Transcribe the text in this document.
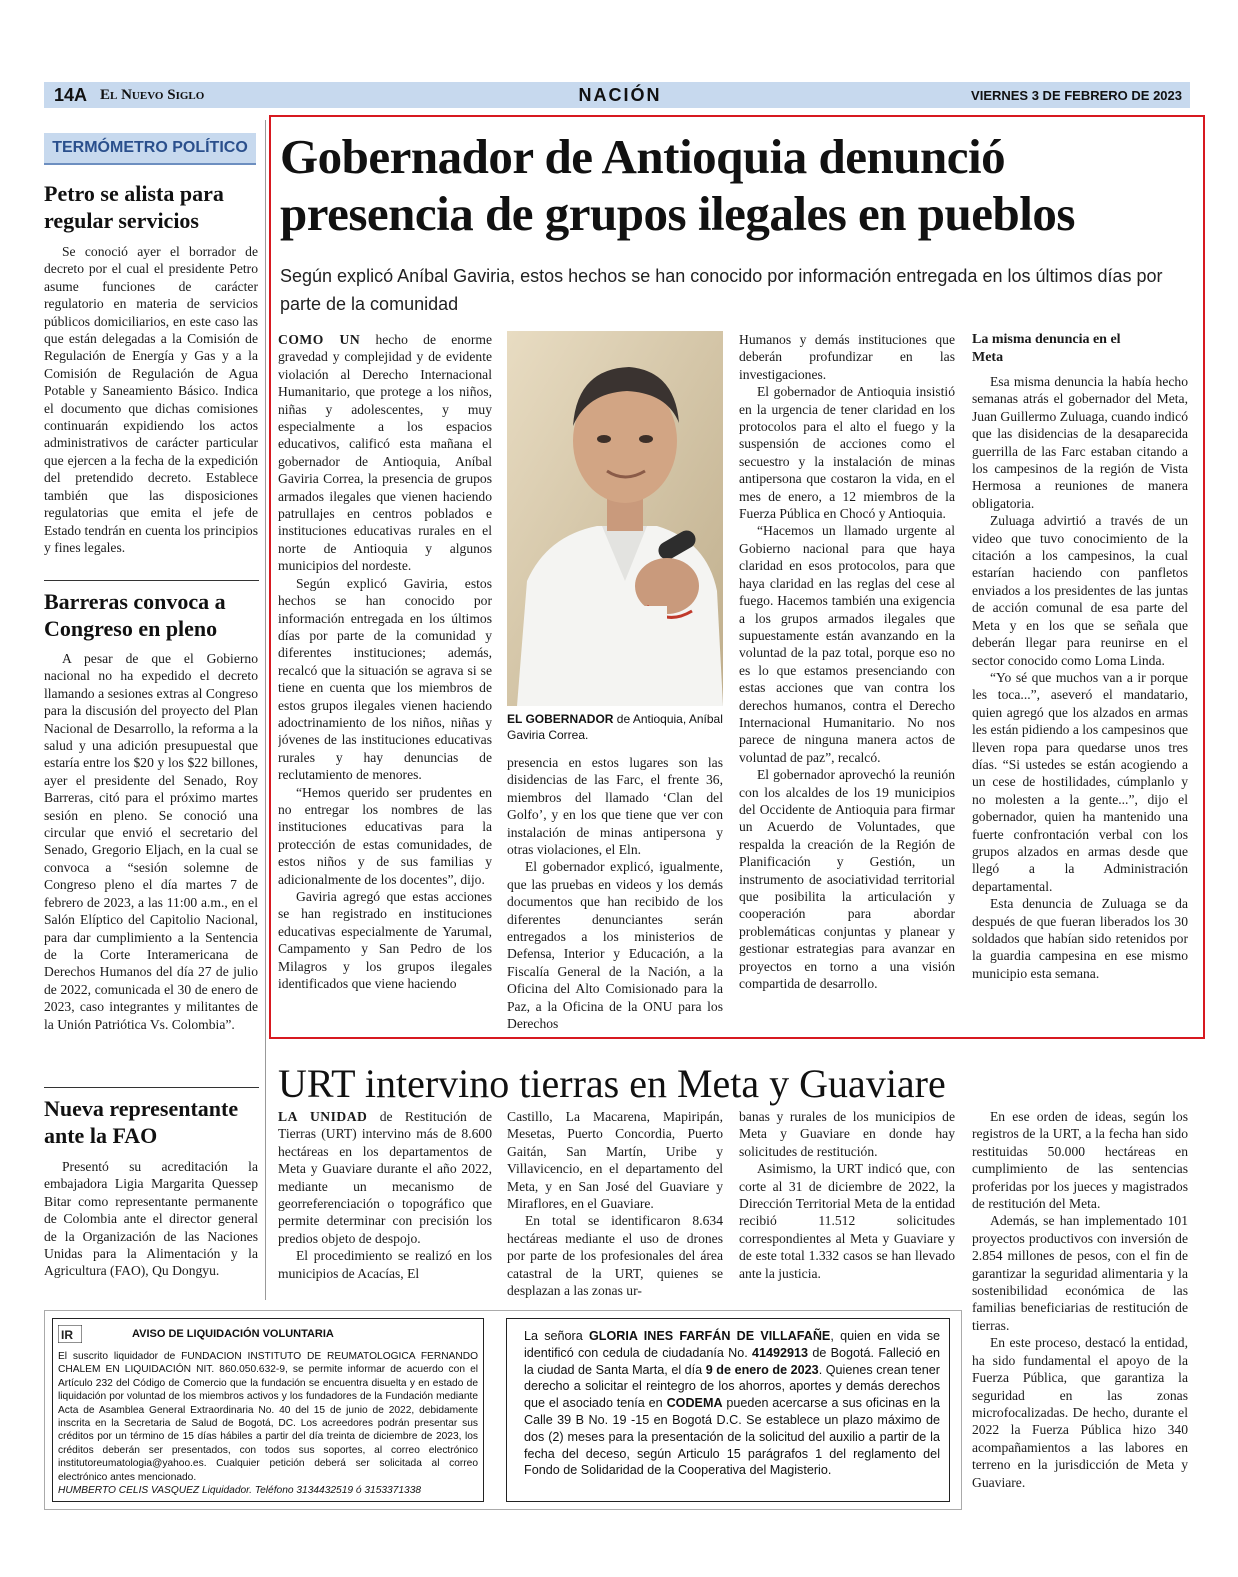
14A El Nuevo Siglo	NACIÓN	VIERNES 3 DE FEBRERO DE 2023
TERMÓMETRO POLÍTICO
Petro se alista para regular servicios

Se conoció ayer el borrador de decreto por el cual el presidente Petro asume funciones de carácter regulatorio en materia de servicios públicos domiciliarios, en este caso las que están delegadas a la Comisión de Regulación de Energía y Gas y a la Comisión de Regulación de Agua Potable y Saneamiento Básico. Indica el documento que dichas comisiones continuarán expidiendo los actos administrativos de carácter particular que ejercen a la fecha de la expedición del pretendido decreto. Establece también que las disposiciones regulatorias que emita el jefe de Estado tendrán en cuenta los principios y fines legales.

Barreras convoca a Congreso en pleno

A pesar de que el Gobierno nacional no ha expedido el decreto llamando a sesiones extras al Congreso para la discusión del proyecto del Plan Nacional de Desarrollo, la reforma a la salud y una adición presupuestal que estaría entre los $20 y los $22 billones, ayer el presidente del Senado, Roy Barreras, citó para el próximo martes sesión en pleno. Se conoció una circular que envió el secretario del Senado, Gregorio Eljach, en la cual se convoca a “sesión solemne de Congreso pleno el día martes 7 de febrero de 2023, a las 11:00 a.m., en el Salón Elíptico del Capitolio Nacional, para dar cumplimiento a la Sentencia de la Corte Interamericana de Derechos Humanos del día 27 de julio de 2022, comunicada el 30 de enero de 2023, caso integrantes y militantes de la Unión Patriótica Vs. Colombia”.

Nueva representante ante la FAO

Presentó su acreditación la embajadora Ligia Margarita Quessep Bitar como representante permanente de Colombia ante el director general de la Organización de las Naciones Unidas para la Alimentación y la Agricultura (FAO), Qu Dongyu.

Gobernador de Antioquia denunció presencia de grupos ilegales en pueblos
Según explicó Aníbal Gaviria, estos hechos se han conocido por información entregada en los últimos días por parte de la comunidad

COMO UN hecho de enorme gravedad y complejidad y de evidente violación al Derecho Internacional Humanitario, que protege a los niños, niñas y adolescentes, y muy especialmente a los espacios educativos, calificó esta mañana el gobernador de Antioquia, Aníbal Gaviria Correa, la presencia de grupos armados ilegales que vienen haciendo patrullajes en centros poblados e instituciones educativas rurales en el norte de Antioquia y algunos municipios del nordeste.

Según explicó Gaviria, estos hechos se han conocido por información entregada en los últimos días por parte de la comunidad y diferentes instituciones; además, recalcó que la situación se agrava si se tiene en cuenta que los miembros de estos grupos ilegales vienen haciendo adoctrinamiento de los niños, niñas y jóvenes de las instituciones educativas rurales y hay denuncias de reclutamiento de menores.

“Hemos querido ser prudentes en no entregar los nombres de las instituciones educativas para la protección de estas comunidades, de estos niños y de sus familias y adicionalmente de los docentes”, dijo.

Gaviria agregó que estas acciones se han registrado en instituciones educativas especialmente de Yarumal, Campamento y San Pedro de los Milagros y los grupos ilegales identificados que viene haciendo

EL GOBERNADOR de Antioquia, Aníbal Gaviria Correa.

presencia en estos lugares son las disidencias de las Farc, el frente 36, miembros del llamado ‘Clan del Golfo’, y en los que tiene que ver con instalación de minas antipersona y otras violaciones, el Eln.

El gobernador explicó, igualmente, que las pruebas en videos y los demás documentos que han recibido de los diferentes denunciantes serán entregados a los ministerios de Defensa, Interior y Educación, a la Fiscalía General de la Nación, a la Oficina del Alto Comisionado para la Paz, a la Oficina de la ONU para los Derechos

Humanos y demás instituciones que deberán profundizar en las investigaciones.

El gobernador de Antioquia insistió en la urgencia de tener claridad en los protocolos para el alto el fuego y la suspensión de acciones como el secuestro y la instalación de minas antipersona que costaron la vida, en el mes de enero, a 12 miembros de la Fuerza Pública en Chocó y Antioquia.

“Hacemos un llamado urgente al Gobierno nacional para que haya claridad en esos protocolos, para que haya claridad en las reglas del cese al fuego. Hacemos también una exigencia a los grupos armados ilegales que supuestamente están avanzando en la voluntad de la paz total, porque eso no es lo que estamos presenciando con estas acciones que van contra los derechos humanos, contra el Derecho Internacional Humanitario. No nos parece de ninguna manera actos de voluntad de paz”, recalcó.

El gobernador aprovechó la reunión con los alcaldes de los 19 municipios del Occidente de Antioquia para firmar un Acuerdo de Voluntades, que respalda la creación de la Región de Planificación y Gestión, un instrumento de asociatividad territorial que posibilita la articulación y cooperación para abordar problemáticas conjuntas y planear y gestionar estrategias para avanzar en proyectos en torno a una visión compartida de desarrollo.

La misma denuncia en el Meta

Esa misma denuncia la había hecho semanas atrás el gobernador del Meta, Juan Guillermo Zuluaga, cuando indicó que las disidencias de la desaparecida guerrilla de las Farc estaban citando a los campesinos de la región de Vista Hermosa a reuniones de manera obligatoria.

Zuluaga advirtió a través de un video que tuvo conocimiento de la citación a los campesinos, la cual estarían haciendo con panfletos enviados a los presidentes de las juntas de acción comunal de esa parte del Meta y en los que se señala que deberán llegar para reunirse en el sector conocido como Loma Linda.

“Yo sé que muchos van a ir porque les toca...”, aseveró el mandatario, quien agregó que los alzados en armas les están pidiendo a los campesinos que lleven ropa para quedarse unos tres días. “Si ustedes se están acogiendo a un cese de hostilidades, cúmplanlo y no molesten a la gente...”, dijo el gobernador, quien ha mantenido una fuerte confrontación verbal con los grupos alzados en armas desde que llegó a la Administración departamental.

Esta denuncia de Zuluaga se da después de que fueran liberados los 30 soldados que habían sido retenidos por la guardia campesina en ese mismo municipio esta semana.

URT intervino tierras en Meta y Guaviare

LA UNIDAD de Restitución de Tierras (URT) intervino más de 8.600 hectáreas en los departamentos de Meta y Guaviare durante el año 2022, mediante un mecanismo de georreferenciación o topográfico que permite determinar con precisión los predios objeto de despojo.

El procedimiento se realizó en los municipios de Acacías, El

Castillo, La Macarena, Mapiripán, Mesetas, Puerto Concordia, Puerto Gaitán, San Martín, Uribe y Villavicencio, en el departamento del Meta, y en San José del Guaviare y Miraflores, en el Guaviare.

En total se identificaron 8.634 hectáreas mediante el uso de drones por parte de los profesionales del área catastral de la URT, quienes se desplazan a las zonas ur-

banas y rurales de los municipios de Meta y Guaviare en donde hay solicitudes de restitución.

Asimismo, la URT indicó que, con corte al 31 de diciembre de 2022, la Dirección Territorial Meta de la entidad recibió 11.512 solicitudes correspondientes al Meta y Guaviare y de este total 1.332 casos se han llevado ante la justicia.

En ese orden de ideas, según los registros de la URT, a la fecha han sido restituidas 50.000 hectáreas en cumplimiento de las sentencias proferidas por los jueces y magistrados de restitución del Meta.

Además, se han implementado 101 proyectos productivos con inversión de 2.854 millones de pesos, con el fin de garantizar la seguridad alimentaria y la sostenibilidad económica de las familias beneficiarias de restitución de tierras.

En este proceso, destacó la entidad, ha sido fundamental el apoyo de la Fuerza Pública, que garantiza la seguridad en las zonas microfocalizadas. De hecho, durante el 2022 la Fuerza Pública hizo 340 acompañamientos a las labores en terreno en la jurisdicción de Meta y Guaviare.

IR	AVISO DE LIQUIDACIÓN VOLUNTARIA
El suscrito liquidador de FUNDACION INSTITUTO DE REUMATOLOGICA FERNANDO CHALEM EN LIQUIDACIÓN NIT. 860.050.632-9, se permite informar de acuerdo con el Artículo 232 del Código de Comercio que la fundación se encuentra disuelta y en estado de liquidación por voluntad de los miembros activos y los fundadores de la Fundación mediante Acta de Asamblea General Extraordinaria No. 40 del 15 de junio de 2022, debidamente inscrita en la Secretaria de Salud de Bogotá, DC. Los acreedores podrán presentar sus créditos por un término de 15 días hábiles a partir del día treinta de diciembre de 2023, los créditos deberán ser presentados, con todos sus soportes, al correo electrónico institutoreumatologia@yahoo.es. Cualquier petición deberá ser solicitada al correo electrónico antes mencionado.
HUMBERTO CELIS VASQUEZ Liquidador. Teléfono 3134432519 ó 3153371338
La señora GLORIA INES FARFÁN DE VILLAFAÑE, quien en vida se identificó con cedula de ciudadanía No. 41492913 de Bogotá. Falleció en la ciudad de Santa Marta, el día 9 de enero de 2023. Quienes crean tener derecho a solicitar el reintegro de los ahorros, aportes y demás derechos que el asociado tenía en CODEMA pueden acercarse a sus oficinas en la Calle 39 B No. 19 -15 en Bogotá D.C. Se establece un plazo máximo de dos (2) meses para la presentación de la solicitud del auxilio a partir de la fecha del deceso, según Articulo 15 parágrafos 1 del reglamento del Fondo de Solidaridad de la Cooperativa del Magisterio.
